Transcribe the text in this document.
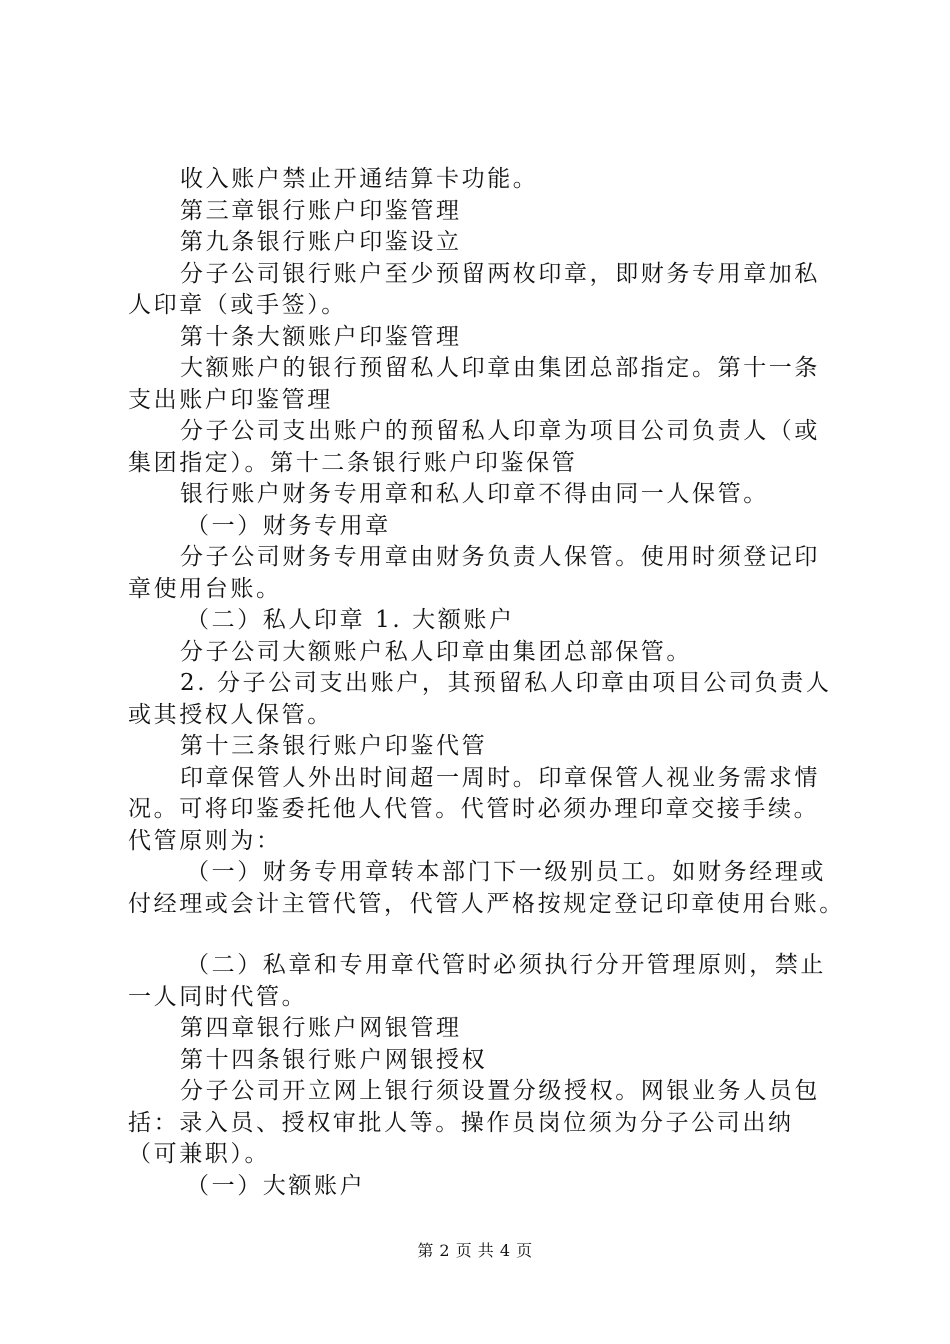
收入账户禁止开通结算卡功能。
第三章银行账户印鉴管理
第九条银行账户印鉴设立
分子公司银行账户至少预留两枚印章，即财务专用章加私
人印章（或手签）。
第十条大额账户印鉴管理
大额账户的银行预留私人印章由集团总部指定。第十一条
支出账户印鉴管理
分子公司支出账户的预留私人印章为项目公司负责人（或
集团指定）。第十二条银行账户印鉴保管
银行账户财务专用章和私人印章不得由同一人保管。
（一）财务专用章
分子公司财务专用章由财务负责人保管。使用时须登记印
章使用台账。
（二）私人印章 1. 大额账户
分子公司大额账户私人印章由集团总部保管。
2. 分子公司支出账户，其预留私人印章由项目公司负责人
或其授权人保管。
第十三条银行账户印鉴代管
印章保管人外出时间超一周时。印章保管人视业务需求情
况。可将印鉴委托他人代管。代管时必须办理印章交接手续。
代管原则为：
（一）财务专用章转本部门下一级别员工。如财务经理或
付经理或会计主管代管，代管人严格按规定登记印章使用台账。
（二）私章和专用章代管时必须执行分开管理原则，禁止
一人同时代管。
第四章银行账户网银管理
第十四条银行账户网银授权
分子公司开立网上银行须设置分级授权。网银业务人员包
括：录入员、授权审批人等。操作员岗位须为分子公司出纳
（可兼职）。
（一）大额账户
第 2 页 共 4 页
